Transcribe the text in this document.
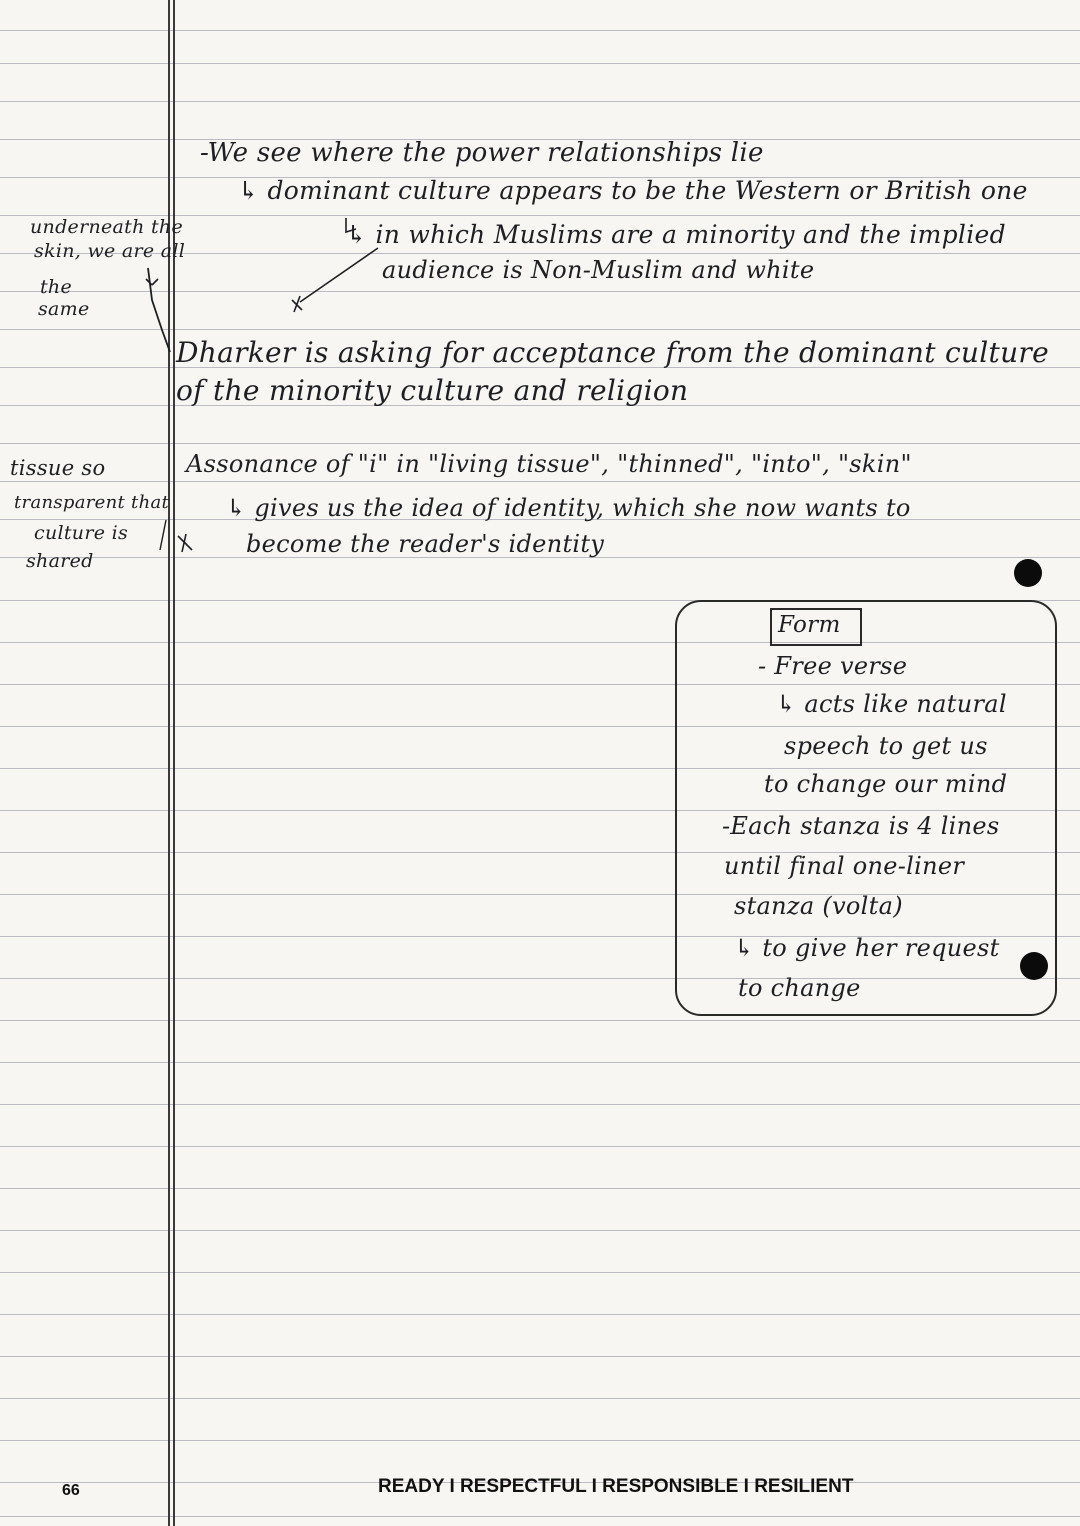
underneath the
skin, we are all
the
same
tissue so
transparent that
culture is
shared
-We see where the power relationships lie
↳ dominant culture appears to be the Western or British one
↳ in which Muslims are a minority and the implied
audience is Non-Muslim and white
Dharker is asking for acceptance from the dominant culture
of the minority culture and religion
Assonance of "i" in "living tissue", "thinned", "into", "skin"
↳ gives us the idea of identity, which she now wants to
become the reader's identity
Form
- Free verse
↳ acts like natural
speech to get us
to change our mind
-Each stanza is 4 lines
until final one-liner
stanza (volta)
↳ to give her request
to change
66	READY I RESPECTFUL I RESPONSIBLE I RESILIENT
